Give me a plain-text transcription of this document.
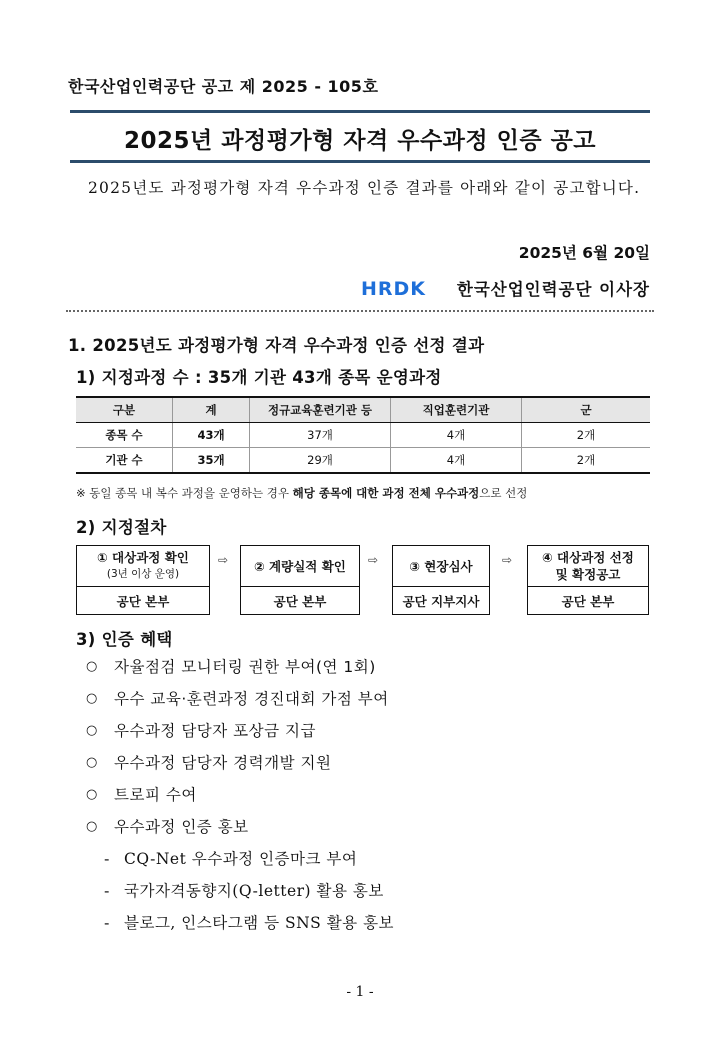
한국산업인력공단 공고 제 2025 - 105호
2025년 과정평가형 자격 우수과정 인증 공고
2025년도 과정평가형 자격 우수과정 인증 결과를 아래와 같이 공고합니다.
2025년 6월 20일
HRDK 한국산업인력공단 이사장
1. 2025년도 과정평가형 자격 우수과정 인증 선정 결과
1) 지정과정 수 : 35개 기관 43개 종목 운영과정
구분	계	정규교육훈련기관 등	직업훈련기관	군
종목 수	43개	37개	4개	2개
기관 수	35개	29개	4개	2개
※ 동일 종목 내 복수 과정을 운영하는 경우 해당 종목에 대한 과정 전체 우수과정으로 선정
2) 지정절차
① 대상과정 확인
(3년 이상 운영)
공단 본부
⇨ ② 계량실적 확인
공단 본부
⇨	③ 현장심사
공단 지부지사
⇨ ④ 대상과정 선정
및 확정공고
공단 본부
3) 인증 혜택
○	자율점검 모니터링 권한 부여(연 1회)
○	우수 교육·훈련과정 경진대회 가점 부여
○	우수과정 담당자 포상금 지급
○	우수과정 담당자 경력개발 지원
○	트로피 수여
○	우수과정 인증 홍보
- CQ-Net 우수과정 인증마크 부여
- 국가자격동향지(Q-letter) 활용 홍보
- 블로그, 인스타그램 등 SNS 활용 홍보
- 1 -
